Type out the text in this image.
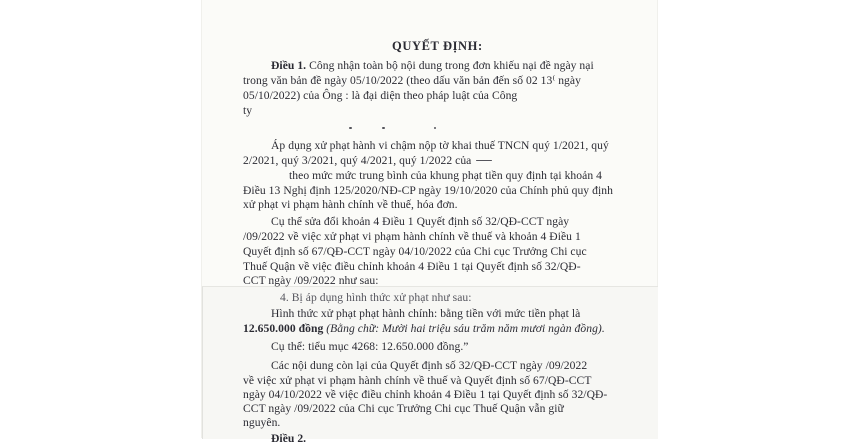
QUYẾT ĐỊNH:
Điều 1. Công nhận toàn bộ nội dung trong đơn khiếu nại đề ngày nại
trong văn bản đề ngày 05/10/2022 (theo dấu văn bản đến số 02 13⁽ ngày
05/10/2022) của Ông : là đại diện theo pháp luật của Công
ty
Áp dụng xử phạt hành vi chậm nộp tờ khai thuế TNCN quý 1/2021, quý
2/2021, quý 3/2021, quý 4/2021, quý 1/2022 của
theo mức mức trung bình của khung phạt tiền quy định tại khoản 4
Điều 13 Nghị định 125/2020/NĐ-CP ngày 19/10/2020 của Chính phủ quy định
xử phạt vi phạm hành chính về thuế, hóa đơn.
Cụ thể sửa đổi khoản 4 Điều 1 Quyết định số 32/QĐ-CCT ngày
/09/2022 về việc xử phạt vi phạm hành chính về thuế và khoản 4 Điều 1
Quyết định số 67/QĐ-CCT ngày 04/10/2022 của Chi cục Trưởng Chi cục
Thuế Quận về việc điều chỉnh khoản 4 Điều 1 tại Quyết định số 32/QĐ-
CCT ngày /09/2022 như sau:
4. Bị áp dụng hình thức xử phạt như sau:
Hình thức xử phạt phạt hành chính: bằng tiền với mức tiền phạt là
12.650.000 đồng (Bằng chữ: Mười hai triệu sáu trăm năm mươi ngàn đồng).
Cụ thể: tiểu mục 4268: 12.650.000 đồng.”
Các nội dung còn lại của Quyết định số 32/QĐ-CCT ngày /09/2022
về việc xử phạt vi phạm hành chính về thuế và Quyết định số 67/QĐ-CCT
ngày 04/10/2022 về việc điều chỉnh khoản 4 Điều 1 tại Quyết định số 32/QĐ-
CCT ngày /09/2022 của Chi cục Trưởng Chi cục Thuế Quận vẫn giữ
nguyên.
Điều 2.
